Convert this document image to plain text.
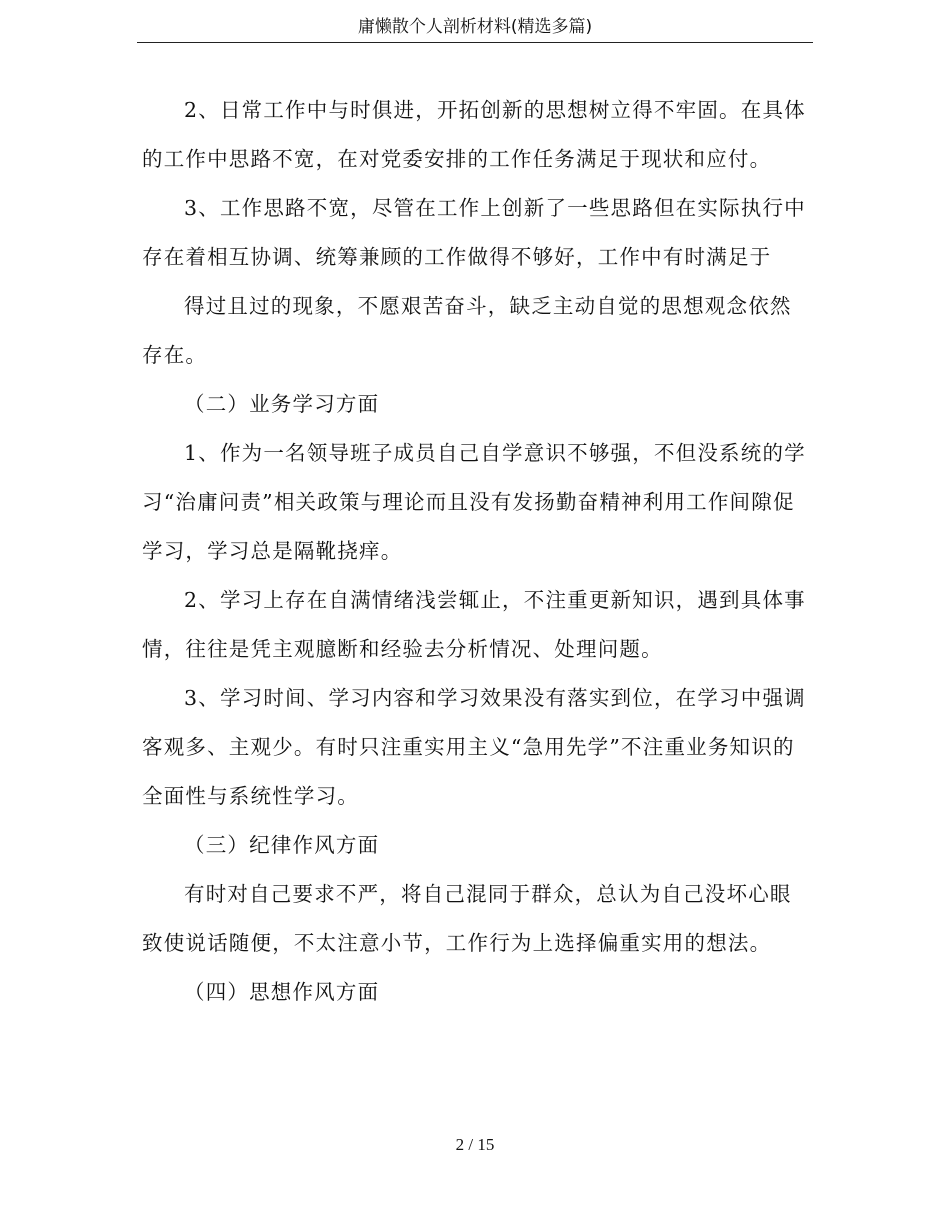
庸懒散个人剖析材料(精选多篇)

2、日常工作中与时俱进，开拓创新的思想树立得不牢固。在具体的工作中思路不宽，在对党委安排的工作任务满足于现状和应付。

3、工作思路不宽，尽管在工作上创新了一些思路但在实际执行中存在着相互协调、统筹兼顾的工作做得不够好，工作中有时满足于

得过且过的现象，不愿艰苦奋斗，缺乏主动自觉的思想观念依然存在。

（二）业务学习方面

1、作为一名领导班子成员自己自学意识不够强，不但没系统的学习“治庸问责”相关政策与理论而且没有发扬勤奋精神利用工作间隙促学习，学习总是隔靴挠痒。

2、学习上存在自满情绪浅尝辄止，不注重更新知识，遇到具体事情，往往是凭主观臆断和经验去分析情况、处理问题。

3、学习时间、学习内容和学习效果没有落实到位，在学习中强调客观多、主观少。有时只注重实用主义“急用先学”不注重业务知识的全面性与系统性学习。

（三）纪律作风方面

有时对自己要求不严，将自己混同于群众，总认为自己没坏心眼致使说话随便，不太注意小节，工作行为上选择偏重实用的想法。

（四）思想作风方面

2 / 15
